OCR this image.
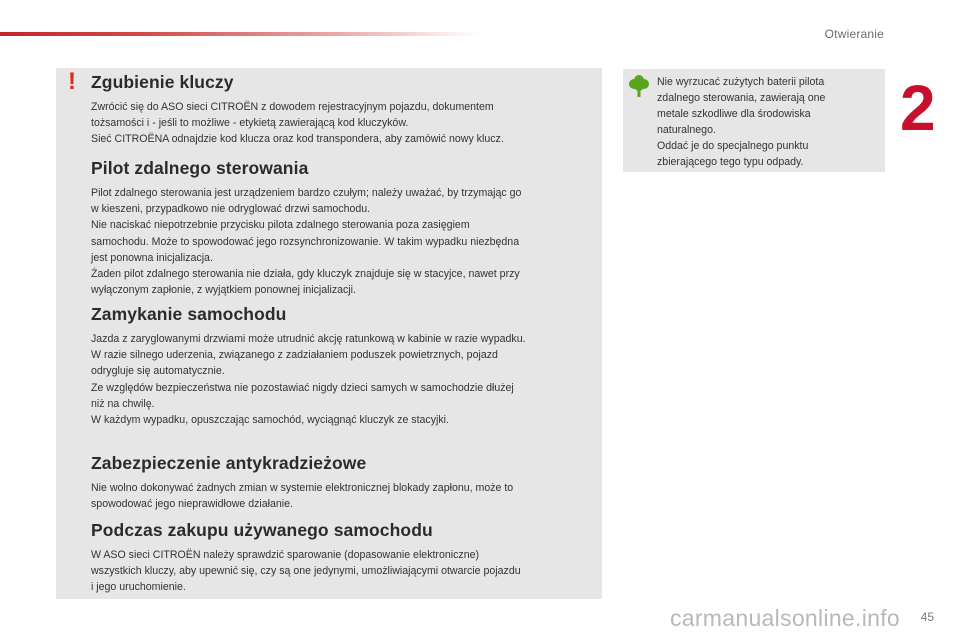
Otwieranie
2
! Zgubienie kluczy

Zwrócić się do ASO sieci CITROËN z dowodem rejestracyjnym pojazdu, dokumentem
tożsamości i - jeśli to możliwe - etykietą zawierającą kod kluczyków.
Sieć CITROËNA odnajdzie kod klucza oraz kod transpondera, aby zamówić nowy klucz.

Pilot zdalnego sterowania

Pilot zdalnego sterowania jest urządzeniem bardzo czułym; należy uważać, by trzymając go
w kieszeni, przypadkowo nie odryglować drzwi samochodu.
Nie naciskać niepotrzebnie przycisku pilota zdalnego sterowania poza zasięgiem
samochodu. Może to spowodować jego rozsynchronizowanie. W takim wypadku niezbędna
jest ponowna inicjalizacja.
Żaden pilot zdalnego sterowania nie działa, gdy kluczyk znajduje się w stacyjce, nawet przy
wyłączonym zapłonie, z wyjątkiem ponownej inicjalizacji.

Zamykanie samochodu

Jazda z zaryglowanymi drzwiami może utrudnić akcję ratunkową w kabinie w razie wypadku.
W razie silnego uderzenia, związanego z zadziałaniem poduszek powietrznych, pojazd
odrygluje się automatycznie.
Ze względów bezpieczeństwa nie pozostawiać nigdy dzieci samych w samochodzie dłużej
niż na chwilę.
W każdym wypadku, opuszczając samochód, wyciągnąć kluczyk ze stacyjki.

Zabezpieczenie antykradzieżowe

Nie wolno dokonywać żadnych zmian w systemie elektronicznej blokady zapłonu, może to
spowodować jego nieprawidłowe działanie.

Podczas zakupu używanego samochodu

W ASO sieci CITROËN należy sprawdzić sparowanie (dopasowanie elektroniczne)
wszystkich kluczy, aby upewnić się, czy są one jedynymi, umożliwiającymi otwarcie pojazdu
i jego uruchomienie.

Nie wyrzucać zużytych baterii pilota
zdalnego sterowania, zawierają one
metale szkodliwe dla środowiska
naturalnego.
Oddać je do specjalnego punktu
zbierającego tego typu odpady.

45
carmanualsonline.info
